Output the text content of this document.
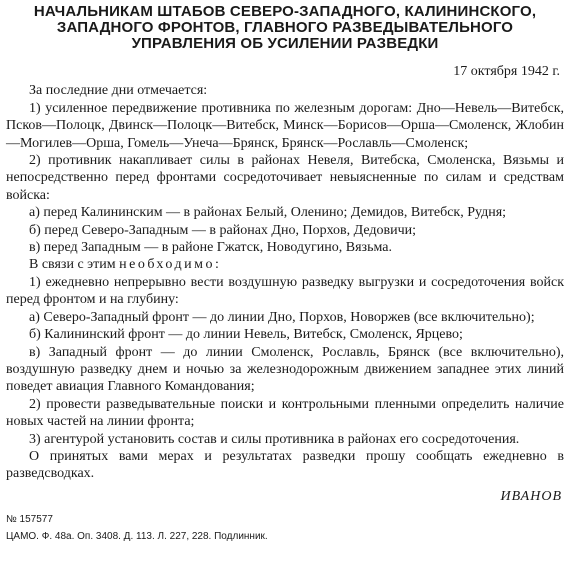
НАЧАЛЬНИКАМ ШТАБОВ СЕВЕРО-ЗАПАДНОГО, КАЛИНИНСКОГО, ЗАПАДНОГО ФРОНТОВ, ГЛАВНОГО РАЗВЕДЫВАТЕЛЬНОГО УПРАВЛЕНИЯ ОБ УСИЛЕНИИ РАЗВЕДКИ
17 октября 1942 г.

За последние дни отмечается:

1) усиленное передвижение противника по железным дорогам: Дно—Невель—Витебск, Псков—Полоцк, Двинск—Полоцк—Витебск, Минск—Борисов—Орша—Смоленск, Жлобин—Могилев—Орша, Гомель—Унеча—Брянск, Брянск—Рославль—Смоленск;

2) противник накапливает силы в районах Невеля, Витебска, Смоленска, Вязьмы и непосредственно перед фронтами сосредоточивает невыясненные по силам и средствам войска:

а) перед Калининским — в районах Белый, Оленино; Демидов, Витебск, Рудня;

б) перед Северо-Западным — в районах Дно, Порхов, Дедовичи;

в) перед Западным — в районе Гжатск, Новодугино, Вязьма.

В связи с этим необходимо:

1) ежедневно непрерывно вести воздушную разведку выгрузки и сосредоточения войск перед фронтом и на глубину:

а) Северо-Западный фронт — до линии Дно, Порхов, Новоржев (все включительно);

б) Калининский фронт — до линии Невель, Витебск, Смоленск, Ярцево;

в) Западный фронт — до линии Смоленск, Рославль, Брянск (все включительно), воздушную разведку днем и ночью за железнодорожным движением западнее этих линий поведет авиация Главного Командования;

2) провести разведывательные поиски и контрольными пленными определить наличие новых частей на линии фронта;

3) агентурой установить состав и силы противника в районах его сосредоточения.

О принятых вами мерах и результатах разведки прошу сообщать ежедневно в разведсводках.

ИВАНОВ
№ 157577
ЦАМО. Ф. 48а. Оп. 3408. Д. 113. Л. 227, 228. Подлинник.
